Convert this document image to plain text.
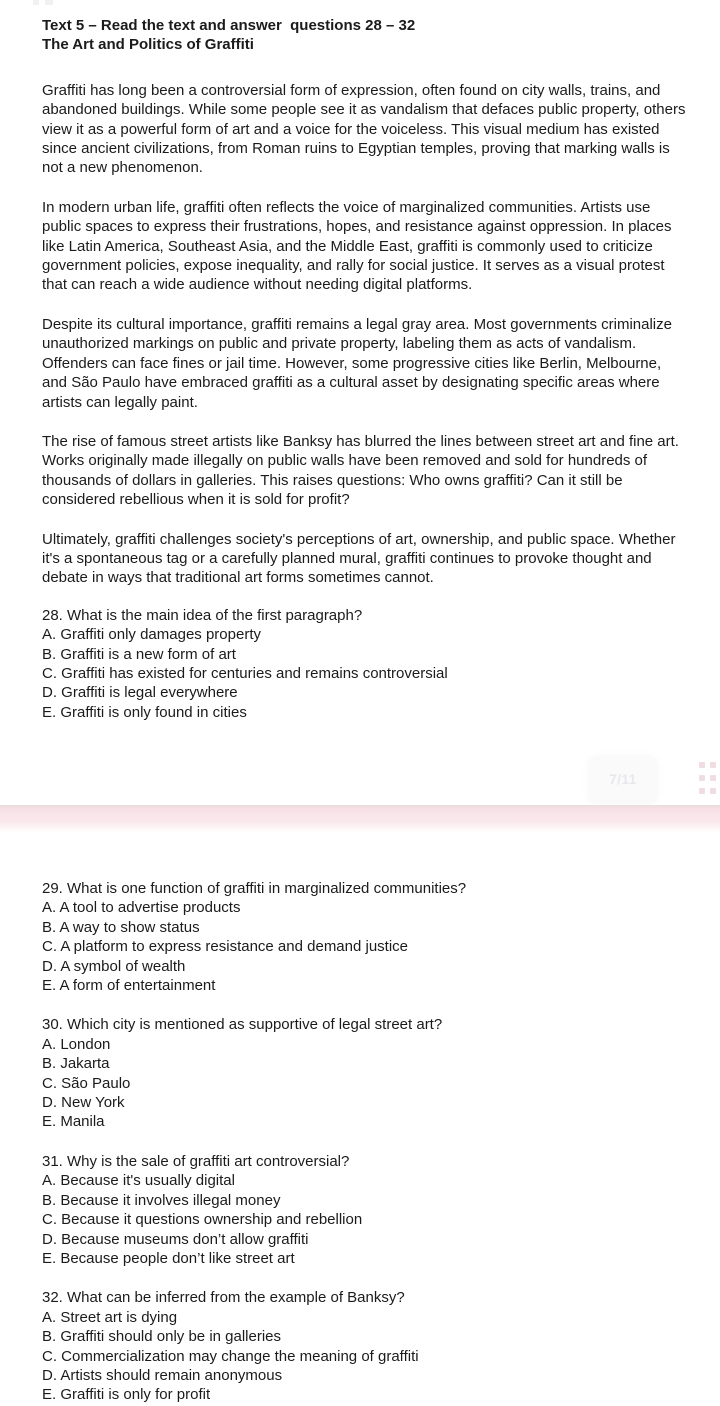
Text 5 – Read the text and answer  questions 28 – 32

The Art and Politics of Graffiti

Graffiti has long been a controversial form of expression, often found on city walls, trains, and abandoned buildings. While some people see it as vandalism that defaces public property, others view it as a powerful form of art and a voice for the voiceless. This visual medium has existed since ancient civilizations, from Roman ruins to Egyptian temples, proving that marking walls is not a new phenomenon.

In modern urban life, graffiti often reflects the voice of marginalized communities. Artists use public spaces to express their frustrations, hopes, and resistance against oppression. In places like Latin America, Southeast Asia, and the Middle East, graffiti is commonly used to criticize government policies, expose inequality, and rally for social justice. It serves as a visual protest that can reach a wide audience without needing digital platforms.

Despite its cultural importance, graffiti remains a legal gray area. Most governments criminalize unauthorized markings on public and private property, labeling them as acts of vandalism. Offenders can face fines or jail time. However, some progressive cities like Berlin, Melbourne, and São Paulo have embraced graffiti as a cultural asset by designating specific areas where artists can legally paint.

The rise of famous street artists like Banksy has blurred the lines between street art and fine art. Works originally made illegally on public walls have been removed and sold for hundreds of thousands of dollars in galleries. This raises questions: Who owns graffiti? Can it still be considered rebellious when it is sold for profit?

Ultimately, graffiti challenges society's perceptions of art, ownership, and public space. Whether it's a spontaneous tag or a carefully planned mural, graffiti continues to provoke thought and debate in ways that traditional art forms sometimes cannot.

28. What is the main idea of the first paragraph?
A. Graffiti only damages property
B. Graffiti is a new form of art
C. Graffiti has existed for centuries and remains controversial
D. Graffiti is legal everywhere
E. Graffiti is only found in cities
7/11
29. What is one function of graffiti in marginalized communities?
A. A tool to advertise products
B. A way to show status
C. A platform to express resistance and demand justice
D. A symbol of wealth
E. A form of entertainment
30. Which city is mentioned as supportive of legal street art?
A. London
B. Jakarta
C. São Paulo
D. New York
E. Manila
31. Why is the sale of graffiti art controversial?
A. Because it's usually digital
B. Because it involves illegal money
C. Because it questions ownership and rebellion
D. Because museums don’t allow graffiti
E. Because people don’t like street art
32. What can be inferred from the example of Banksy?
A. Street art is dying
B. Graffiti should only be in galleries
C. Commercialization may change the meaning of graffiti
D. Artists should remain anonymous
E. Graffiti is only for profit
